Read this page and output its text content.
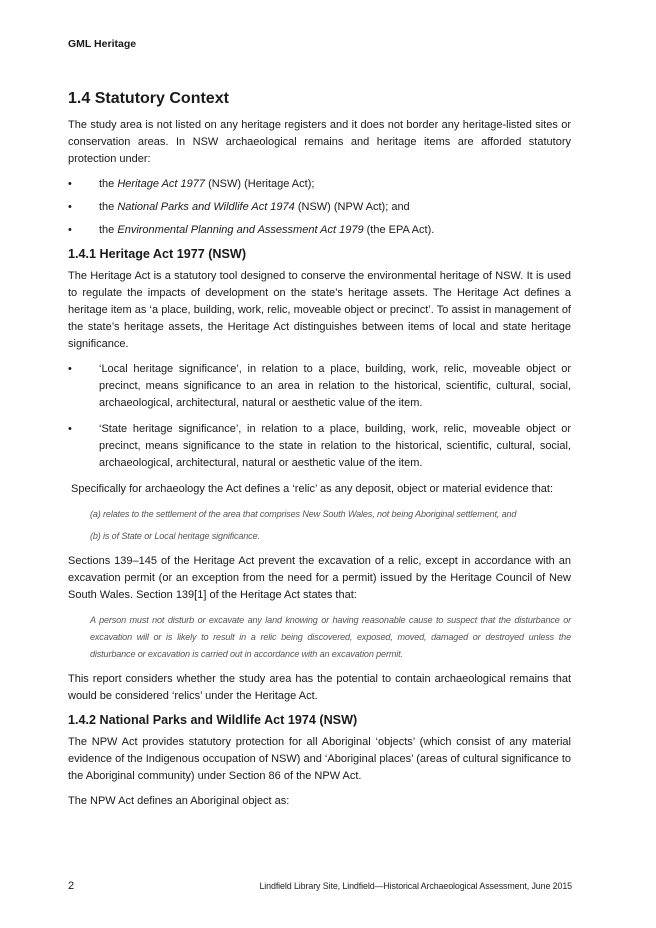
GML Heritage
1.4 Statutory Context

The study area is not listed on any heritage registers and it does not border any heritage-listed sites or conservation areas. In NSW archaeological remains and heritage items are afforded statutory protection under:

• the Heritage Act 1977 (NSW) (Heritage Act);
• the National Parks and Wildlife Act 1974 (NSW) (NPW Act); and
• the Environmental Planning and Assessment Act 1979 (the EPA Act).
1.4.1 Heritage Act 1977 (NSW)

The Heritage Act is a statutory tool designed to conserve the environmental heritage of NSW. It is used to regulate the impacts of development on the state’s heritage assets. The Heritage Act defines a heritage item as ‘a place, building, work, relic, moveable object or precinct’. To assist in management of the state’s heritage assets, the Heritage Act distinguishes between items of local and state heritage significance.

• ‘Local heritage significance’, in relation to a place, building, work, relic, moveable object or precinct, means significance to an area in relation to the historical, scientific, cultural, social, archaeological, architectural, natural or aesthetic value of the item.
• ‘State heritage significance’, in relation to a place, building, work, relic, moveable object or precinct, means significance to the state in relation to the historical, scientific, cultural, social, archaeological, architectural, natural or aesthetic value of the item.

Specifically for archaeology the Act defines a ‘relic’ as any deposit, object or material evidence that:

(a) relates to the settlement of the area that comprises New South Wales, not being Aboriginal settlement, and
(b) is of State or Local heritage significance.

Sections 139–145 of the Heritage Act prevent the excavation of a relic, except in accordance with an excavation permit (or an exception from the need for a permit) issued by the Heritage Council of New South Wales. Section 139[1] of the Heritage Act states that:

A person must not disturb or excavate any land knowing or having reasonable cause to suspect that the disturbance or excavation will or is likely to result in a relic being discovered, exposed, moved, damaged or destroyed unless the disturbance or excavation is carried out in accordance with an excavation permit.

This report considers whether the study area has the potential to contain archaeological remains that would be considered ‘relics’ under the Heritage Act.

1.4.2 National Parks and Wildlife Act 1974 (NSW)

The NPW Act provides statutory protection for all Aboriginal ‘objects’ (which consist of any material evidence of the Indigenous occupation of NSW) and ‘Aboriginal places’ (areas of cultural significance to the Aboriginal community) under Section 86 of the NPW Act.

The NPW Act defines an Aboriginal object as:

2	Lindfield Library Site, Lindfield—Historical Archaeological Assessment, June 2015
